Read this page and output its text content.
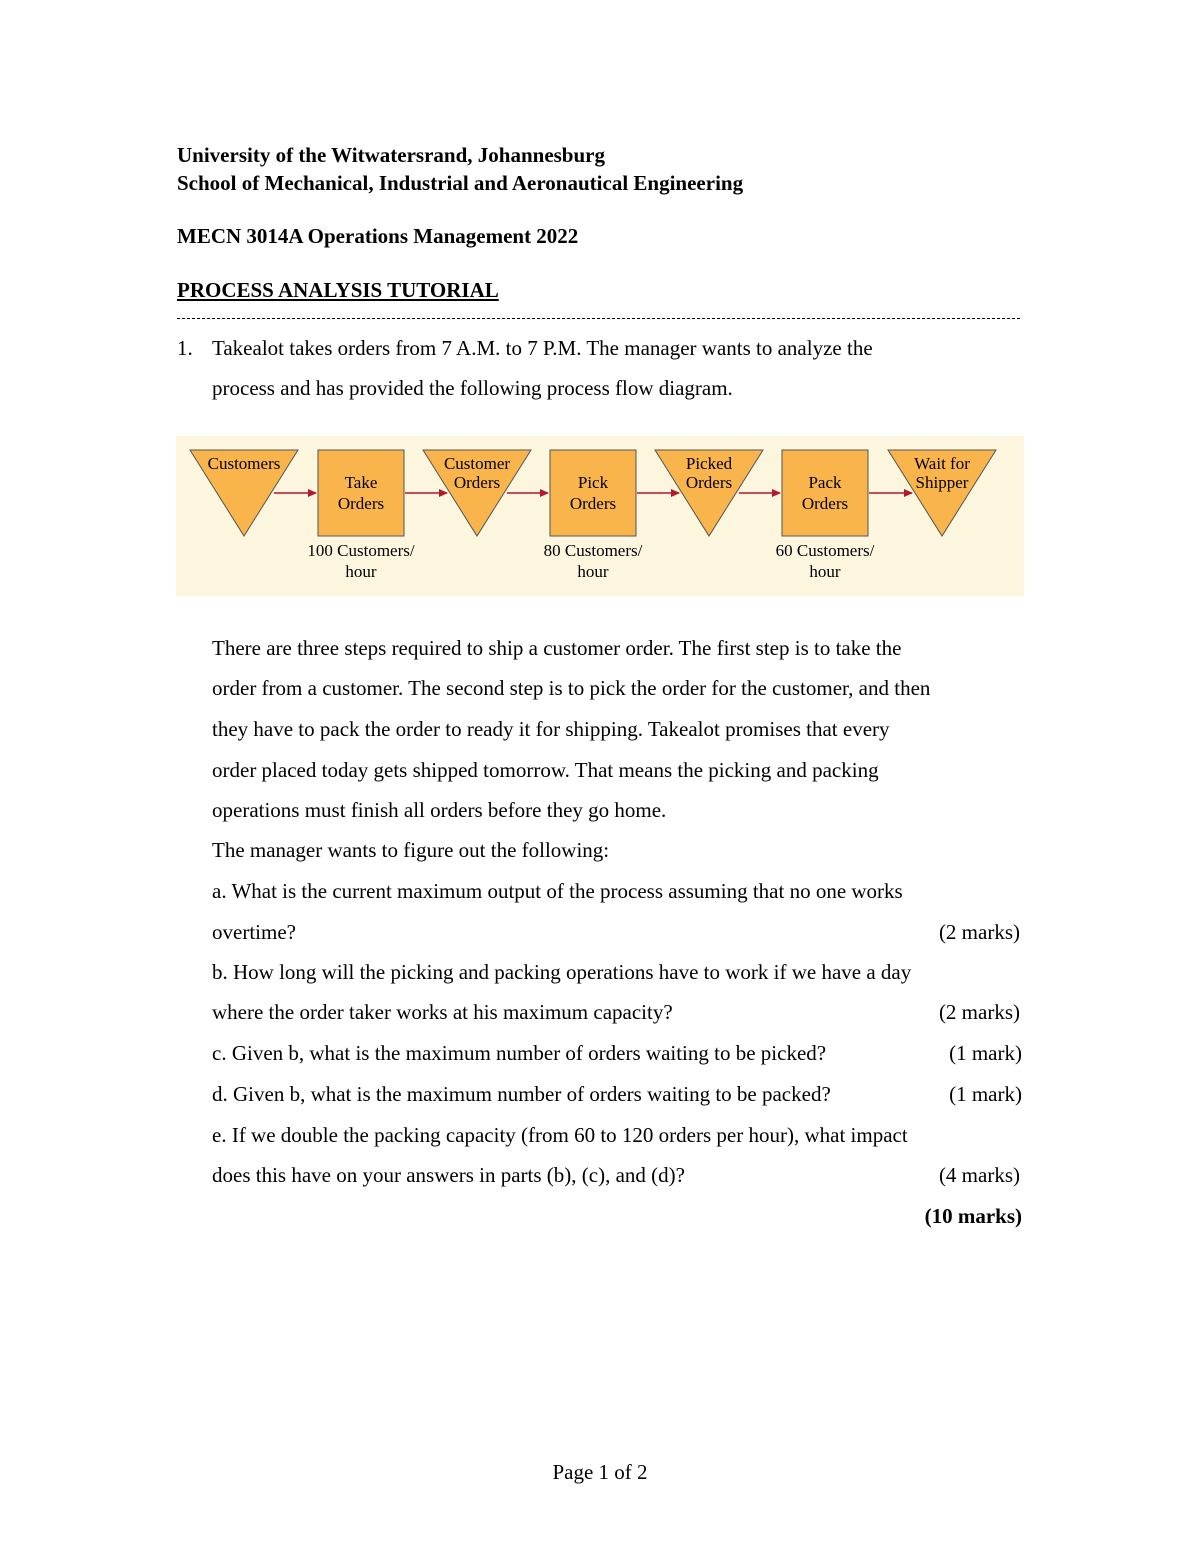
University of the Witwatersrand, Johannesburg
School of Mechanical, Industrial and Aeronautical Engineering
MECN 3014A Operations Management 2022
PROCESS ANALYSIS TUTORIAL
1. Takealot takes orders from 7 A.M. to 7 P.M. The manager wants to analyze the
process and has provided the following process flow diagram.
Customers	Customer
Orders
Picked
Orders
Wait for
Shipper
Take
Orders
100 Customers/
hour
Pick
Orders
80 Customers/
hour
Pack
Orders
60 Customers/
hour
There are three steps required to ship a customer order. The first step is to take the
order from a customer. The second step is to pick the order for the customer, and then
they have to pack the order to ready it for shipping. Takealot promises that every
order placed today gets shipped tomorrow. That means the picking and packing
operations must finish all orders before they go home.
The manager wants to figure out the following:
a. What is the current maximum output of the process assuming that no one works
overtime?	(2 marks)
b. How long will the picking and packing operations have to work if we have a day
where the order taker works at his maximum capacity?	(2 marks)
c. Given b, what is the maximum number of orders waiting to be picked?	(1 mark)
d. Given b, what is the maximum number of orders waiting to be packed?	(1 mark)
e. If we double the packing capacity (from 60 to 120 orders per hour), what impact
does this have on your answers in parts (b), (c), and (d)?	(4 marks)
(10 marks)
Page 1 of 2
